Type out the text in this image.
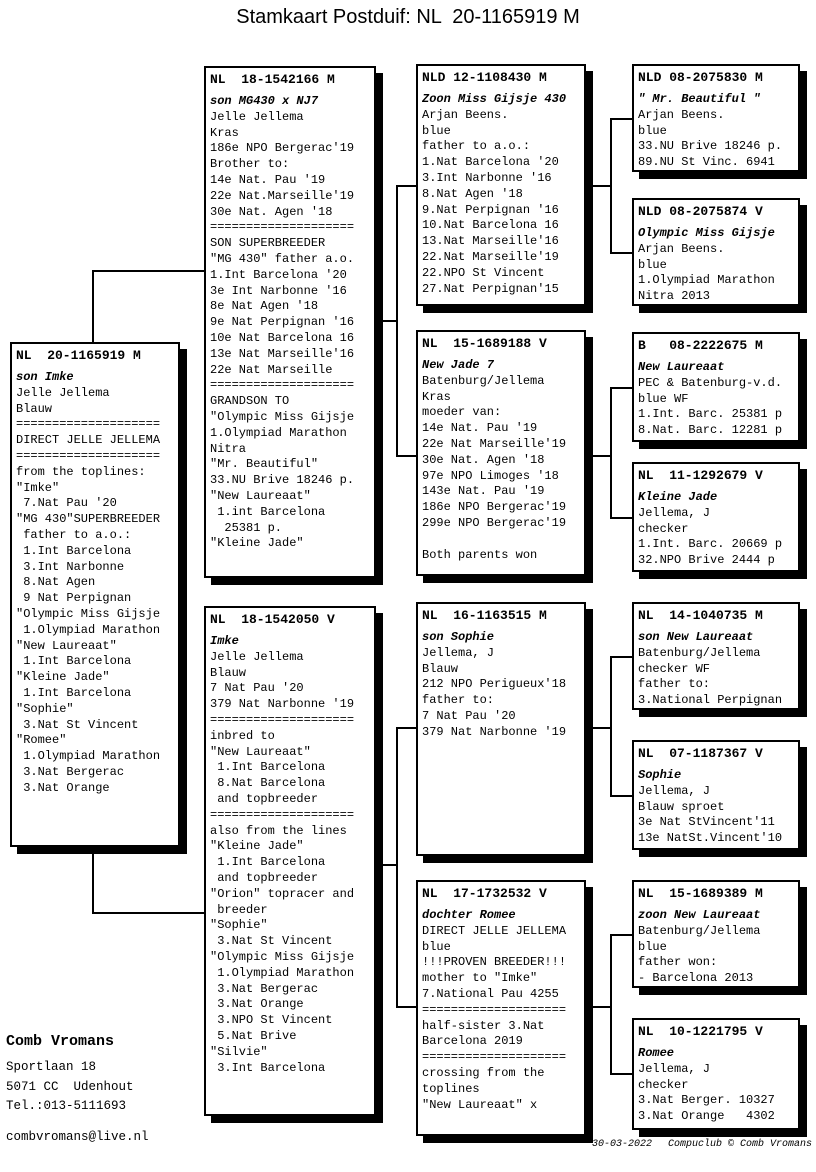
Stamkaart Postduif: NL  20-1165919 M
NL  20-1165919 M
son Imke
Jelle Jellema
Blauw
====================
DIRECT JELLE JELLEMA
====================
from the toplines:
"Imke"
7.Nat Pau '20
"MG 430"SUPERBREEDER
father to a.o.:
1.Int Barcelona
3.Int Narbonne
8.Nat Agen
9 Nat Perpignan
"Olympic Miss Gijsje
1.Olympiad Marathon
"New Laureaat"
1.Int Barcelona
"Kleine Jade"
1.Int Barcelona
"Sophie"
3.Nat St Vincent
"Romee"
1.Olympiad Marathon
3.Nat Bergerac
3.Nat Orange
NL  18-1542166 M
son MG430 x NJ7
Jelle Jellema
Kras
186e NPO Bergerac'19
Brother to:
14e Nat. Pau '19
22e Nat.Marseille'19
30e Nat. Agen '18
====================
SON SUPERBREEDER
"MG 430" father a.o.
1.Int Barcelona '20
3e Int Narbonne '16
8e Nat Agen '18
9e Nat Perpignan '16
10e Nat Barcelona 16
13e Nat Marseille'16
22e Nat Marseille
====================
GRANDSON TO
"Olympic Miss Gijsje
1.Olympiad Marathon
Nitra
"Mr. Beautiful"
33.NU Brive 18246 p.
"New Laureaat"
1.int Barcelona
25381 p.
"Kleine Jade"
NL  18-1542050 V
Imke
Jelle Jellema
Blauw
7 Nat Pau '20
379 Nat Narbonne '19
====================
inbred to
"New Laureaat"
1.Int Barcelona
8.Nat Barcelona
and topbreeder
====================
also from the lines
"Kleine Jade"
1.Int Barcelona
and topbreeder
"Orion" topracer and
breeder
"Sophie"
3.Nat St Vincent
"Olympic Miss Gijsje
1.Olympiad Marathon
3.Nat Bergerac
3.Nat Orange
3.NPO St Vincent
5.Nat Brive
"Silvie"
3.Int Barcelona
NLD 12-1108430 M
Zoon Miss Gijsje 430
Arjan Beens.
blue
father to a.o.:
1.Nat Barcelona '20
3.Int Narbonne '16
8.Nat Agen '18
9.Nat Perpignan '16
10.Nat Barcelona 16
13.Nat Marseille'16
22.Nat Marseille'19
22.NPO St Vincent
27.Nat Perpignan'15
NL  15-1689188 V
New Jade 7
Batenburg/Jellema
Kras
moeder van:
14e Nat. Pau '19
22e Nat Marseille'19
30e Nat. Agen '18
97e NPO Limoges '18
143e Nat. Pau '19
186e NPO Bergerac'19
299e NPO Bergerac'19
Both parents won
NL  16-1163515 M
son Sophie
Jellema, J
Blauw
212 NPO Perigueux'18
father to:
7 Nat Pau '20
379 Nat Narbonne '19
NL  17-1732532 V
dochter Romee
DIRECT JELLE JELLEMA
blue
!!!PROVEN BREEDER!!!
mother to "Imke"
7.National Pau 4255
====================
half-sister 3.Nat
Barcelona 2019
====================
crossing from the
toplines
"New Laureaat" x
NLD 08-2075830 M
" Mr. Beautiful "
Arjan Beens.
blue
33.NU Brive 18246 p.
89.NU St Vinc. 6941
NLD 08-2075874 V
Olympic Miss Gijsje
Arjan Beens.
blue
1.Olympiad Marathon
Nitra 2013
B   08-2222675 M
New Laureaat
PEC & Batenburg-v.d.
blue WF
1.Int. Barc. 25381 p
8.Nat. Barc. 12281 p
NL  11-1292679 V
Kleine Jade
Jellema, J
checker
1.Int. Barc. 20669 p
32.NPO Brive 2444 p
NL  14-1040735 M
son New Laureaat
Batenburg/Jellema
checker WF
father to:
3.National Perpignan
NL  07-1187367 V
Sophie
Jellema, J
Blauw sproet
3e Nat StVincent'11
13e NatSt.Vincent'10
NL  15-1689389 M
zoon New Laureaat
Batenburg/Jellema
blue
father won:
- Barcelona 2013
NL  10-1221795 V
Romee
Jellema, J
checker
3.Nat Berger. 10327
3.Nat Orange   4302
Comb Vromans
Sportlaan 18
5071 CC  Udenhout
Tel.:013-5111693
combvromans@live.nl
30-03-2022 Compuclub © Comb Vromans
